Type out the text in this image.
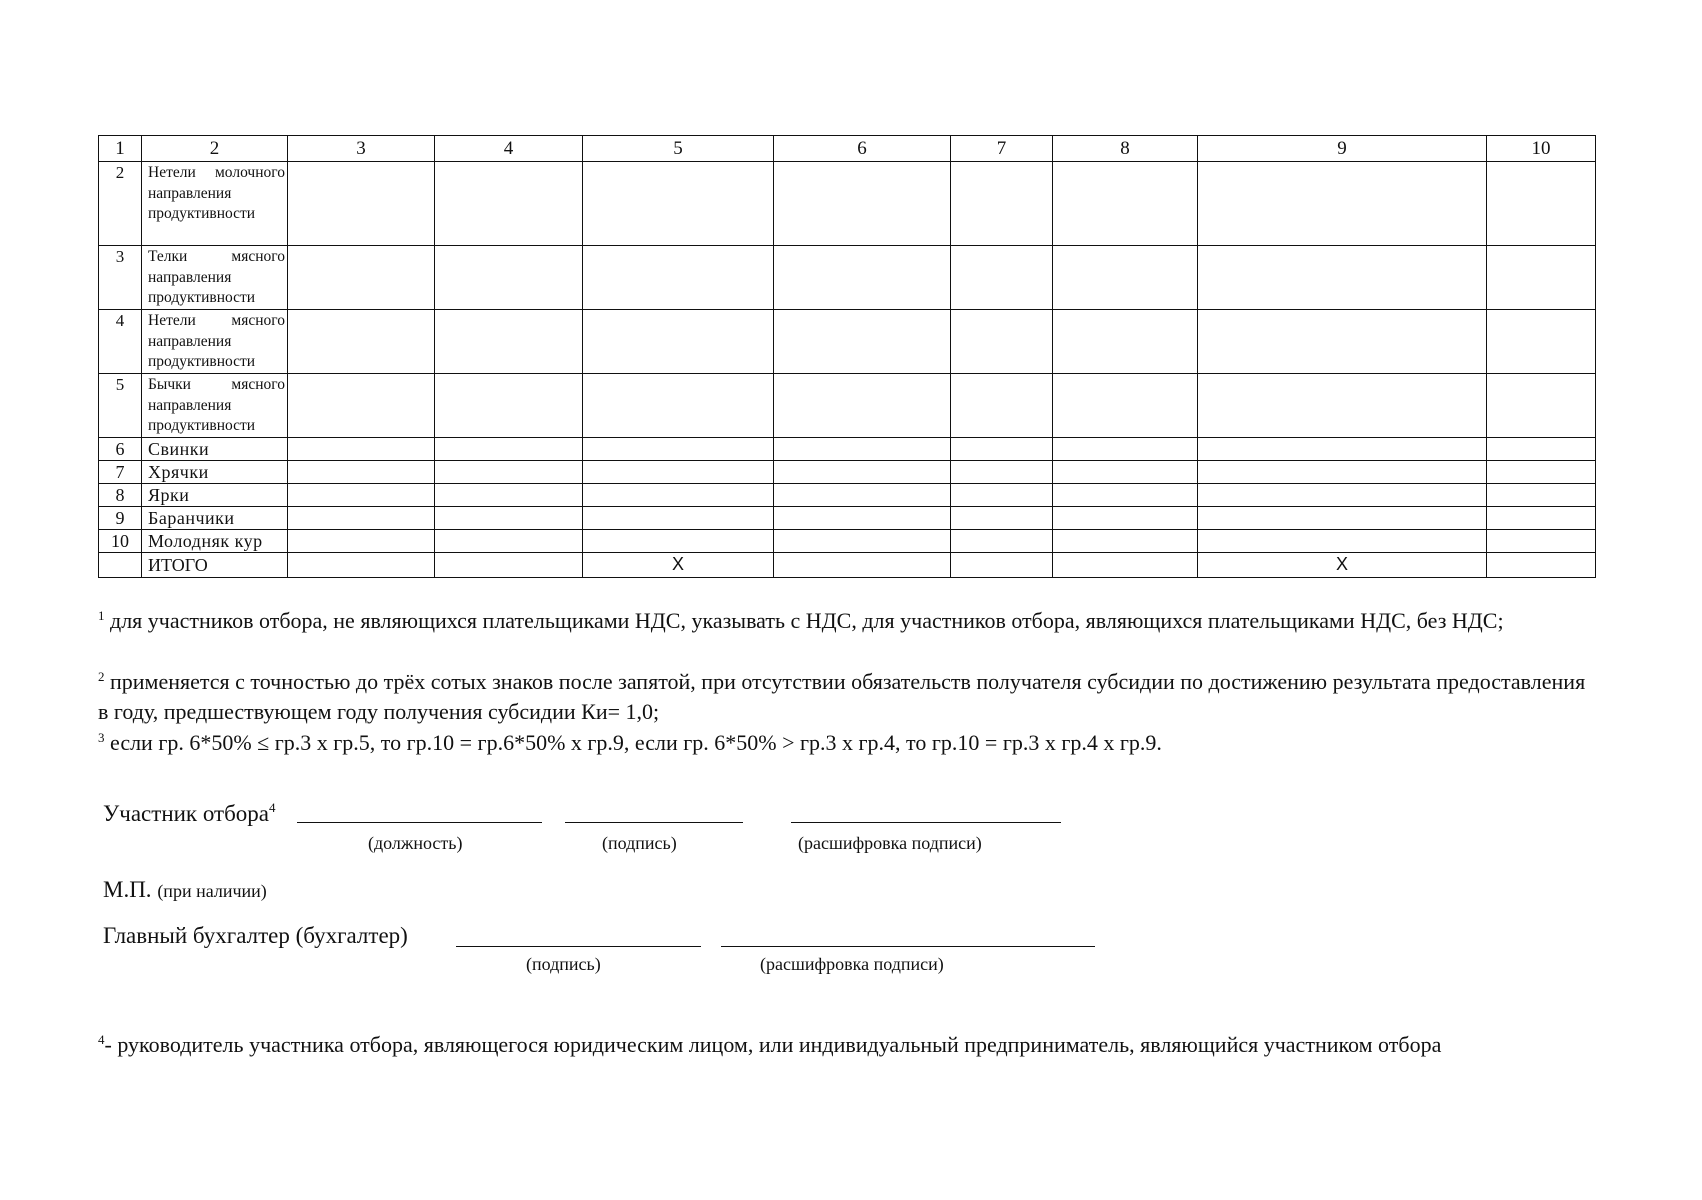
1	2	3	4	5	6	7	8	9	10
2	Нетели молочного направления продуктивности								
3	Телки мясного направления продуктивности								
4	Нетели мясного направления продуктивности								
5	Бычки мясного направления продуктивности								
6	Свинки								
7	Хрячки								
8	Ярки								
9	Баранчики								
10	Молодняк кур								
	ИТОГО			Х				Х	
$^1$ для участников отбора, не являющихся плательщиками НДС, указывать с НДС, для участников отбора, являющихся плательщиками НДС, без НДС;
$^2$ применяется с точностью до трёх сотых знаков после запятой, при отсутствии обязательств получателя субсидии по достижению результата предоставления в году, предшествующем году получения субсидии Ки= 1,0;
$^3$ если гр. 6*50% ≤ гр.3 х гр.5, то гр.10 = гр.6*50% х гр.9, если гр. 6*50% > гр.3 х гр.4, то гр.10 = гр.3 х гр.4 х гр.9.
Участник отбора$^4$
(должность)	(подпись)	(расшифровка подписи)
М.П. (при наличии)
Главный бухгалтер (бухгалтер)
(подпись)	(расшифровка подписи)
$^4$- руководитель участника отбора, являющегося юридическим лицом, или индивидуальный предприниматель, являющийся участником отбора
